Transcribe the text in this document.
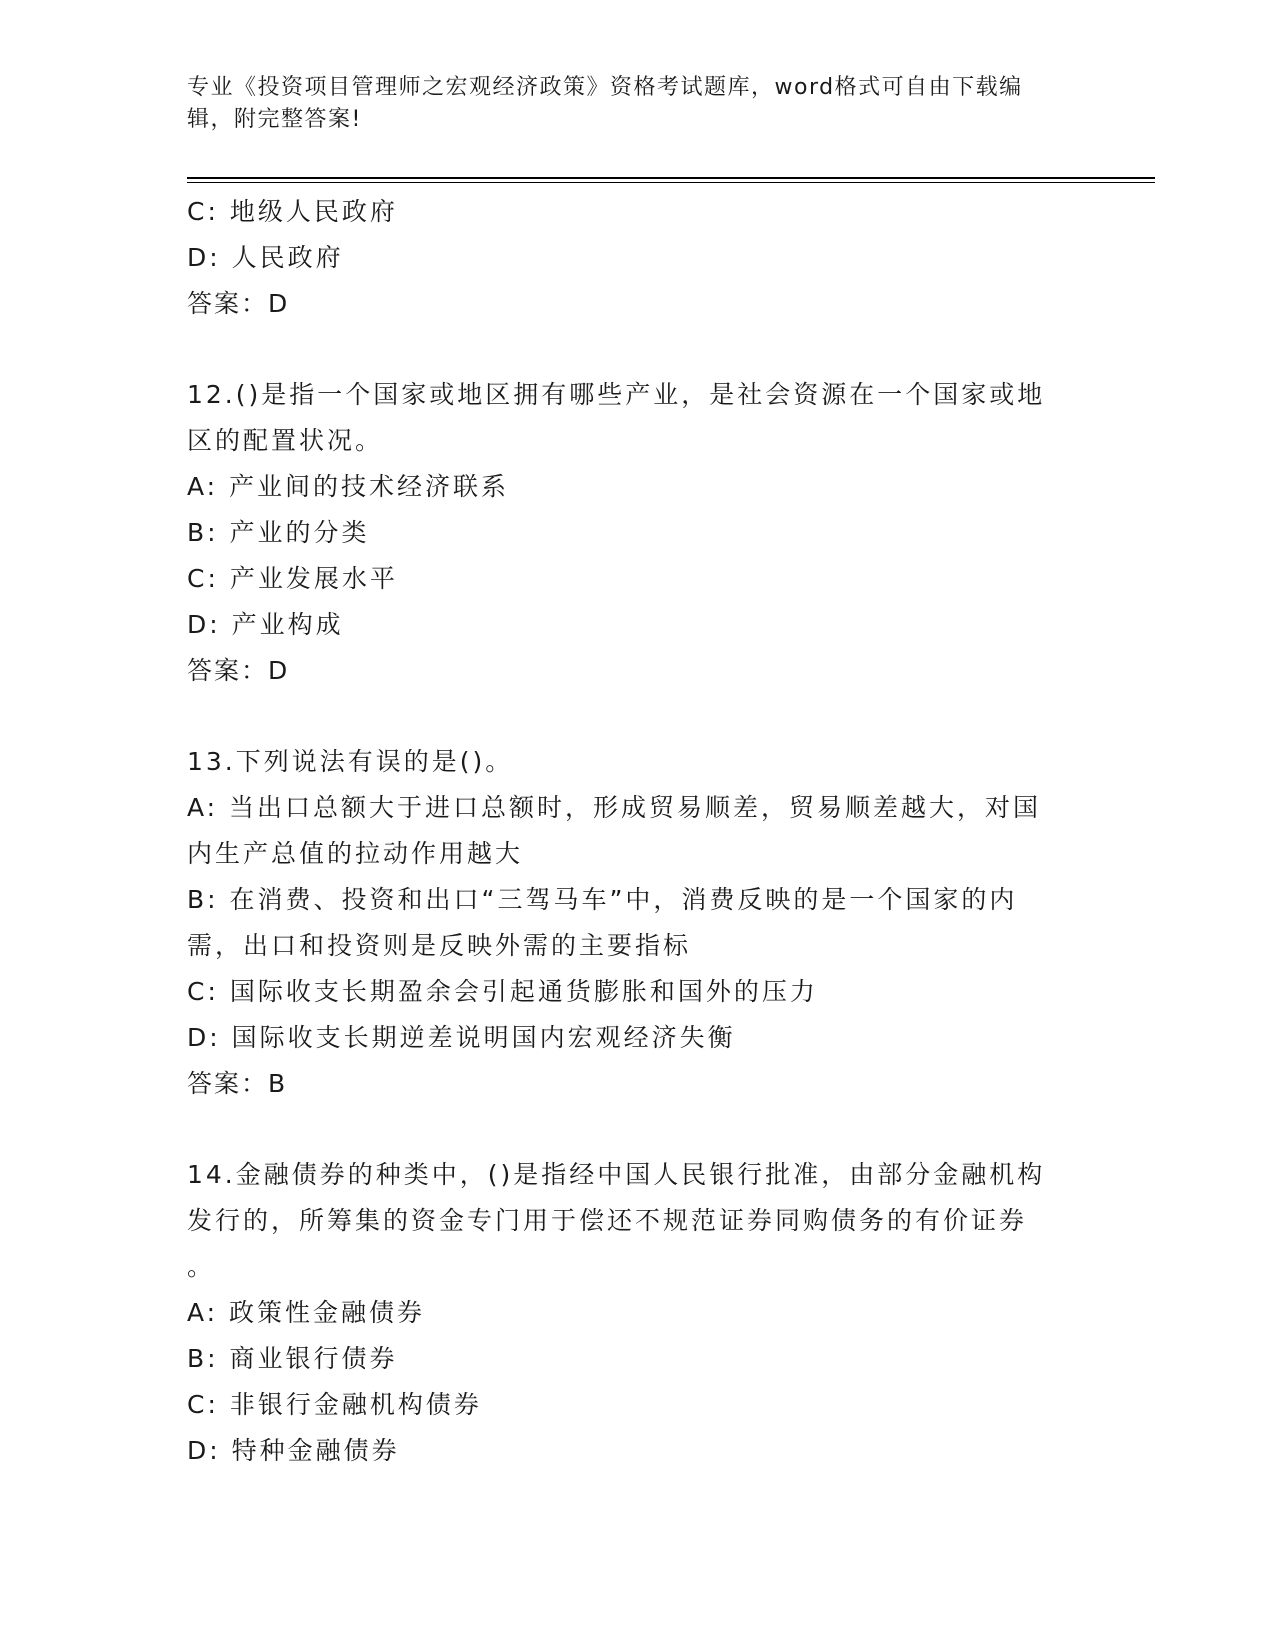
专业《投资项目管理师之宏观经济政策》资格考试题库，word格式可自由下载编
辑，附完整答案!
C: 地级人民政府
D: 人民政府
答案：D
12.()是指一个国家或地区拥有哪些产业，是社会资源在一个国家或地
区的配置状况。
A: 产业间的技术经济联系
B: 产业的分类
C: 产业发展水平
D: 产业构成
答案：D
13.下列说法有误的是()。
A: 当出口总额大于进口总额时，形成贸易顺差，贸易顺差越大，对国
内生产总值的拉动作用越大
B: 在消费、投资和出口“三驾马车”中，消费反映的是一个国家的内
需，出口和投资则是反映外需的主要指标
C: 国际收支长期盈余会引起通货膨胀和国外的压力
D: 国际收支长期逆差说明国内宏观经济失衡
答案：B
14.金融债券的种类中，()是指经中国人民银行批准，由部分金融机构
发行的，所筹集的资金专门用于偿还不规范证券同购债务的有价证券
。
A: 政策性金融债券
B: 商业银行债券
C: 非银行金融机构债券
D: 特种金融债券
